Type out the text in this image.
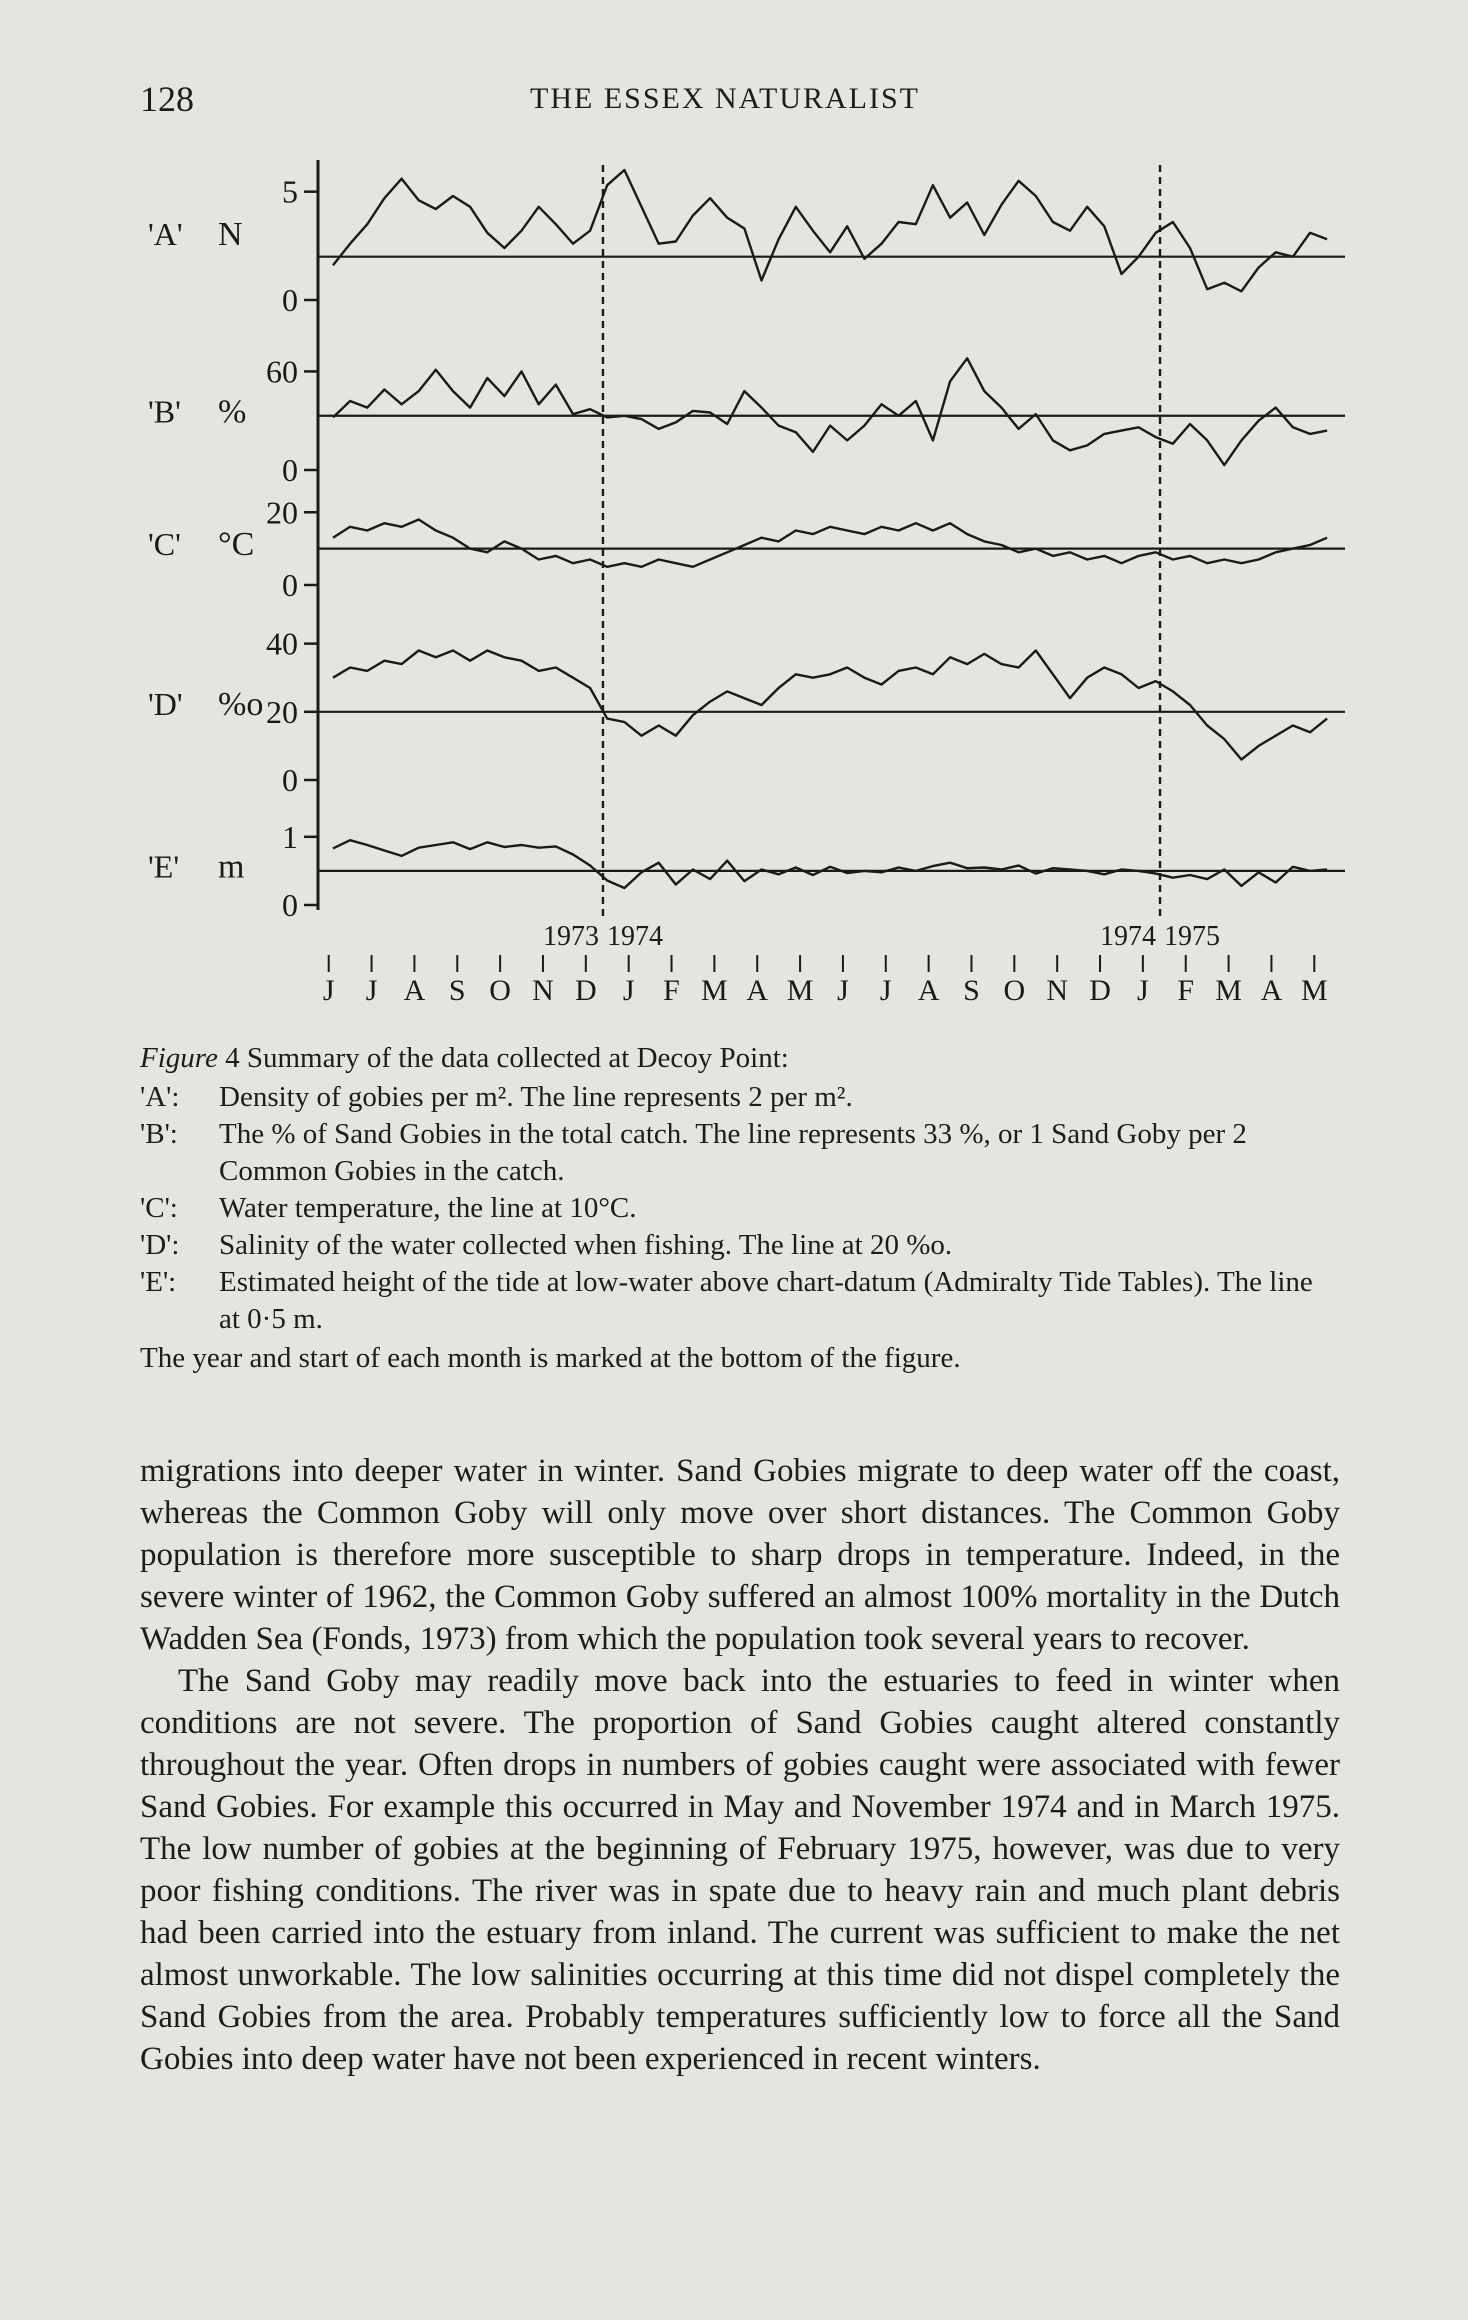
128	THE ESSEX NATURALIST
5
0
'A' N
60
0
'B' %
20
0
'C' °C
40
20
0
'D' %o
1
0
'E' m
1973 1974	1974 1975
J J A S O N D J F M A M J J A S O N D J F M A M
Figure 4 Summary of the data collected at Decoy Point:
'A': Density of gobies per m². The line represents 2 per m².
'B': The % of Sand Gobies in the total catch. The line represents 33 %, or 1 Sand Goby per 2 Common Gobies in the catch.
'C': Water temperature, the line at 10°C.
'D': Salinity of the water collected when fishing. The line at 20 %o.
'E': Estimated height of the tide at low-water above chart-datum (Admiralty Tide Tables). The line at 0·5 m.
The year and start of each month is marked at the bottom of the figure.

migrations into deeper water in winter. Sand Gobies migrate to deep water off the coast, whereas the Common Goby will only move over short distances. The Common Goby population is therefore more susceptible to sharp drops in temperature. Indeed, in the severe winter of 1962, the Common Goby suffered an almost 100% mortality in the Dutch Wadden Sea (Fonds, 1973) from which the population took several years to recover.

The Sand Goby may readily move back into the estuaries to feed in winter when conditions are not severe. The proportion of Sand Gobies caught altered constantly throughout the year. Often drops in numbers of gobies caught were associated with fewer Sand Gobies. For example this occurred in May and November 1974 and in March 1975. The low number of gobies at the beginning of February 1975, however, was due to very poor fishing conditions. The river was in spate due to heavy rain and much plant debris had been carried into the estuary from inland. The current was sufficient to make the net almost unworkable. The low salinities occurring at this time did not dispel completely the Sand Gobies from the area. Probably temperatures sufficiently low to force all the Sand Gobies into deep water have not been experienced in recent winters.
